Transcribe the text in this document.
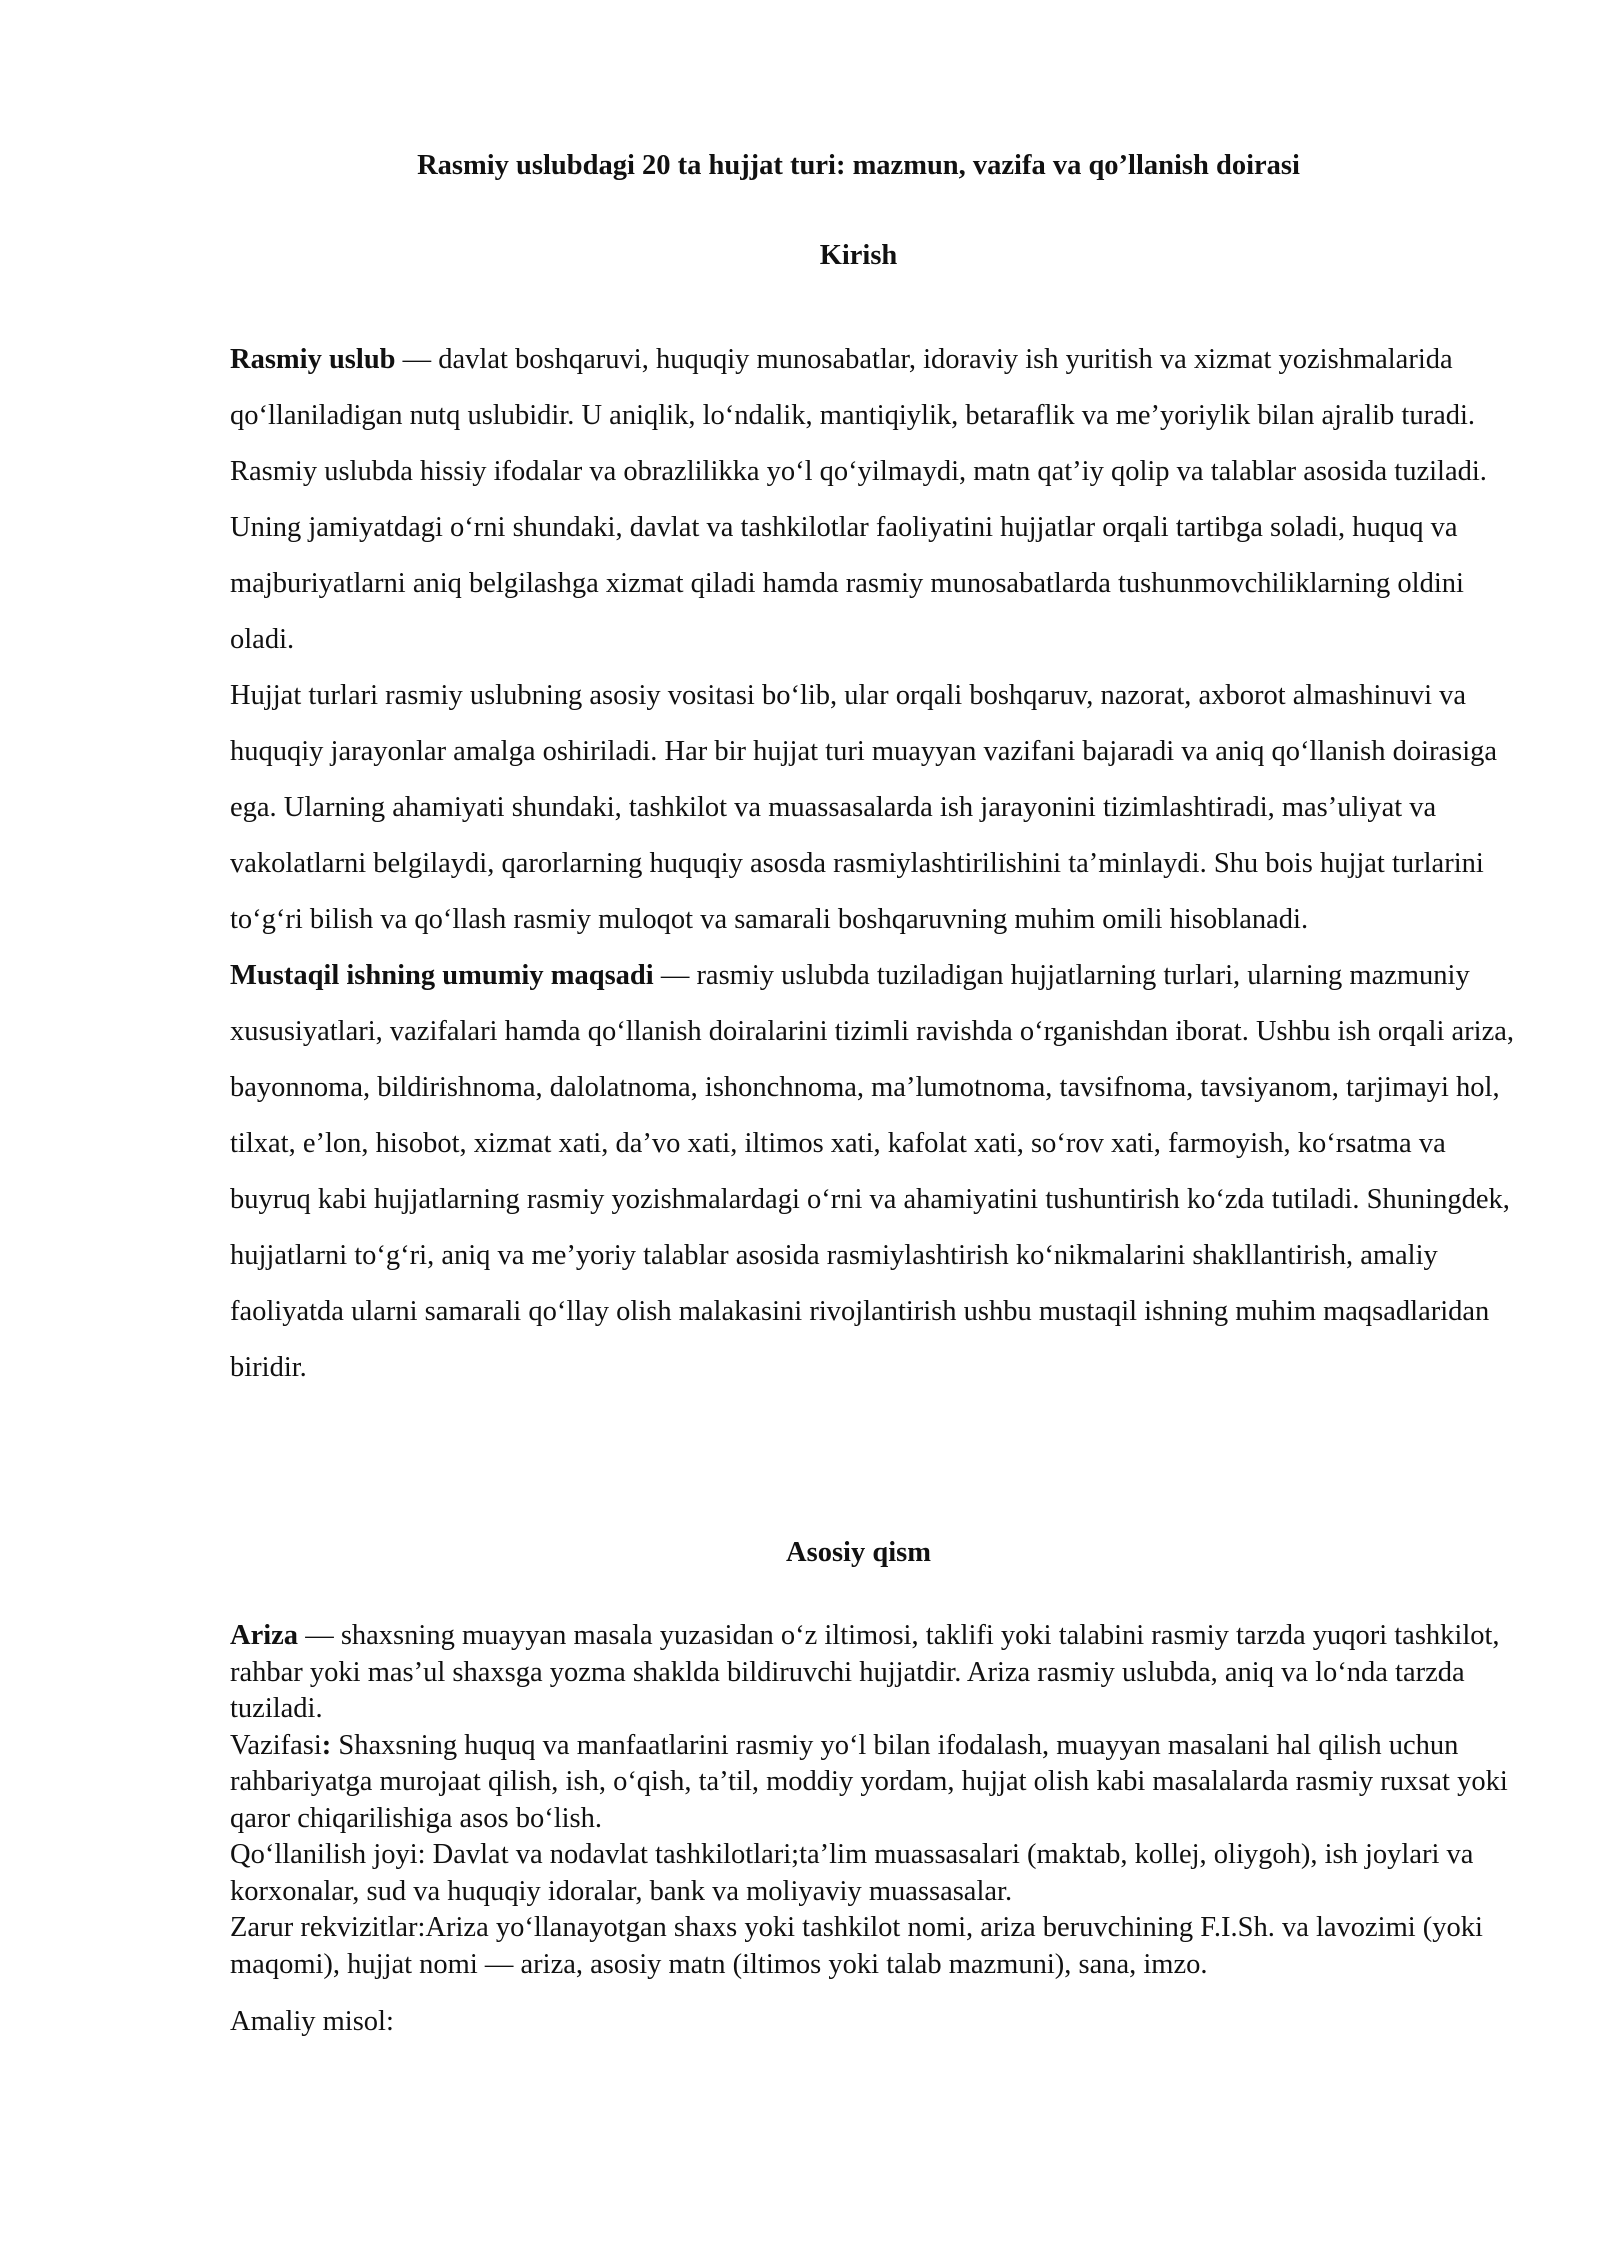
Rasmiy uslubdagi 20 ta hujjat turi: mazmun, vazifa va qo’llanish doirasi
Kirish

Rasmiy uslub — davlat boshqaruvi, huquqiy munosabatlar, idoraviy ish yuritish va xizmat yozishmalarida qo‘llaniladigan nutq uslubidir. U aniqlik, lo‘ndalik, mantiqiylik, betaraflik va me’yoriylik bilan ajralib turadi. Rasmiy uslubda hissiy ifodalar va obrazlilikka yo‘l qo‘yilmaydi, matn qat’iy qolip va talablar asosida tuziladi. Uning jamiyatdagi o‘rni shundaki, davlat va tashkilotlar faoliyatini hujjatlar orqali tartibga soladi, huquq va majburiyatlarni aniq belgilashga xizmat qiladi hamda rasmiy munosabatlarda tushunmovchiliklarning oldini oladi.

Hujjat turlari rasmiy uslubning asosiy vositasi bo‘lib, ular orqali boshqaruv, nazorat, axborot almashinuvi va huquqiy jarayonlar amalga oshiriladi. Har bir hujjat turi muayyan vazifani bajaradi va aniq qo‘llanish doirasiga ega. Ularning ahamiyati shundaki, tashkilot va muassasalarda ish jarayonini tizimlashtiradi, mas’uliyat va vakolatlarni belgilaydi, qarorlarning huquqiy asosda rasmiylashtirilishini ta’minlaydi. Shu bois hujjat turlarini to‘g‘ri bilish va qo‘llash rasmiy muloqot va samarali boshqaruvning muhim omili hisoblanadi.

Mustaqil ishning umumiy maqsadi — rasmiy uslubda tuziladigan hujjatlarning turlari, ularning mazmuniy xususiyatlari, vazifalari hamda qo‘llanish doiralarini tizimli ravishda o‘rganishdan iborat. Ushbu ish orqali ariza, bayonnoma, bildirishnoma, dalolatnoma, ishonchnoma, ma’lumotnoma, tavsifnoma, tavsiyanom, tarjimayi hol, tilxat, e’lon, hisobot, xizmat xati, da’vo xati, iltimos xati, kafolat xati, so‘rov xati, farmoyish, ko‘rsatma va buyruq kabi hujjatlarning rasmiy yozishmalardagi o‘rni va ahamiyatini tushuntirish ko‘zda tutiladi. Shuningdek, hujjatlarni to‘g‘ri, aniq va me’yoriy talablar asosida rasmiylashtirish ko‘nikmalarini shakllantirish, amaliy faoliyatda ularni samarali qo‘llay olish malakasini rivojlantirish ushbu mustaqil ishning muhim maqsadlaridan biridir.

Asosiy qism

Ariza — shaxsning muayyan masala yuzasidan o‘z iltimosi, taklifi yoki talabini rasmiy tarzda yuqori tashkilot, rahbar yoki mas’ul shaxsga yozma shaklda bildiruvchi hujjatdir. Ariza rasmiy uslubda, aniq va lo‘nda tarzda tuziladi.

Vazifasi: Shaxsning huquq va manfaatlarini rasmiy yo‘l bilan ifodalash, muayyan masalani hal qilish uchun rahbariyatga murojaat qilish, ish, o‘qish, ta’til, moddiy yordam, hujjat olish kabi masalalarda rasmiy ruxsat yoki qaror chiqarilishiga asos bo‘lish.

Qo‘llanilish joyi: Davlat va nodavlat tashkilotlari;ta’lim muassasalari (maktab, kollej, oliygoh), ish joylari va korxonalar, sud va huquqiy idoralar, bank va moliyaviy muassasalar.

Zarur rekvizitlar:Ariza yo‘llanayotgan shaxs yoki tashkilot nomi, ariza beruvchining F.I.Sh. va lavozimi (yoki maqomi), hujjat nomi — ariza, asosiy matn (iltimos yoki talab mazmuni), sana, imzo.

Amaliy misol:
